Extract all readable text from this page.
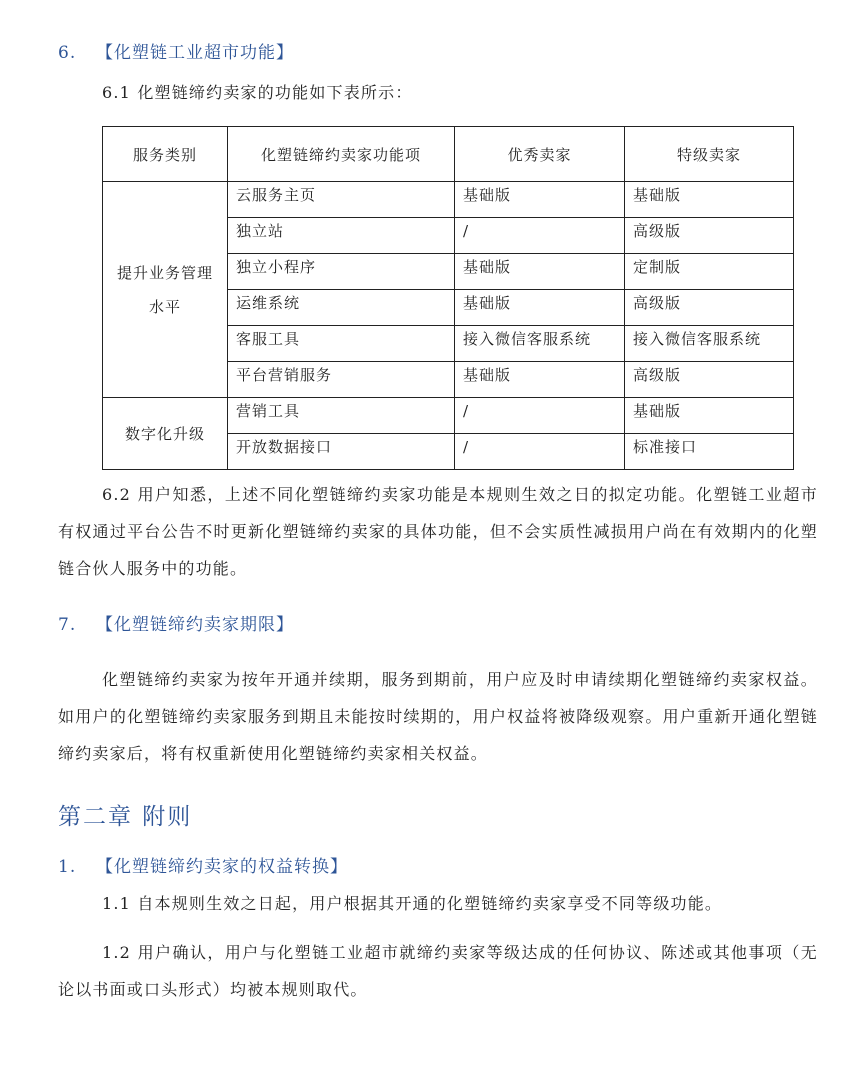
6. 【化塑链工业超市功能】
6.1 化塑链缔约卖家的功能如下表所示：
服务类别	化塑链缔约卖家功能项	优秀卖家	特级卖家
提升业务管理水平	云服务主页	基础版	基础版
	独立站	/	高级版
	独立小程序	基础版	定制版
	运维系统	基础版	高级版
	客服工具	接入微信客服系统	接入微信客服系统
	平台营销服务	基础版	高级版
数字化升级	营销工具	/	基础版
	开放数据接口	/	标准接口

6.2 用户知悉，上述不同化塑链缔约卖家功能是本规则生效之日的拟定功能。化塑链工业超市有权通过平台公告不时更新化塑链缔约卖家的具体功能，但不会实质性减损用户尚在有效期内的化塑链合伙人服务中的功能。

7. 【化塑链缔约卖家期限】

化塑链缔约卖家为按年开通并续期，服务到期前，用户应及时申请续期化塑链缔约卖家权益。如用户的化塑链缔约卖家服务到期且未能按时续期的，用户权益将被降级观察。用户重新开通化塑链缔约卖家后，将有权重新使用化塑链缔约卖家相关权益。

第二章 附则
1. 【化塑链缔约卖家的权益转换】

1.1 自本规则生效之日起，用户根据其开通的化塑链缔约卖家享受不同等级功能。

1.2 用户确认，用户与化塑链工业超市就缔约卖家等级达成的任何协议、陈述或其他事项（无论以书面或口头形式）均被本规则取代。
